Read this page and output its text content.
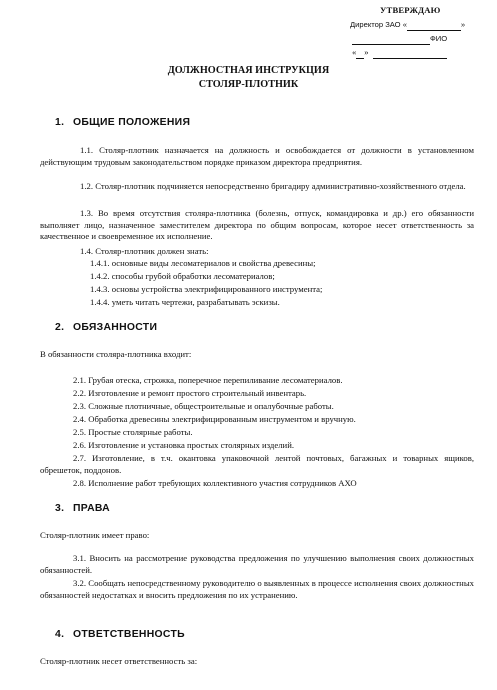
УТВЕРЖДАЮ
Директор ЗАО «	»
ФИО
« »
ДОЛЖНОСТНАЯ ИНСТРУКЦИЯ
СТОЛЯР-ПЛОТНИК
1. ОБЩИЕ ПОЛОЖЕНИЯ
1.1. Столяр-плотник назначается на должность и освобождается от должности в установленном действующим трудовым законодательством порядке приказом директора предприятия.
1.2. Столяр-плотник подчиняется непосредственно бригадиру административно-хозяйственного отдела.
1.3. Во время отсутствия столяра-плотника (болезнь, отпуск, командировка и др.) его обязанности выполняет лицо, назначенное заместителем директора по общим вопросам, которое несет ответственность за качественное и своевременное их исполнение.
1.4. Столяр-плотник должен знать:
1.4.1. основные виды лесоматериалов и свойства древесины;
1.4.2. способы грубой обработки лесоматериалов;
1.4.3. основы устройства электрифицированного инструмента;
1.4.4. уметь читать чертежи, разрабатывать эскизы.
2. ОБЯЗАННОСТИ
В обязанности столяра-плотника входит:
2.1. Грубая отеска, строжка, поперечное перепиливание лесоматериалов.
2.2. Изготовление и ремонт простого строительный инвентарь.
2.3. Сложные плотничные, общестроительные и опалубочные работы.
2.4. Обработка древесины электрифицированным инструментом и вручную.
2.5. Простые столярные работы.
2.6. Изготовление и установка простых столярных изделий.
2.7. Изготовление, в т.ч. окантовка упаковочной лентой почтовых, багажных и товарных ящиков, обрешеток, поддонов.
2.8. Исполнение работ требующих коллективного участия сотрудников АХО
3. ПРАВА
Столяр-плотник имеет право:
3.1. Вносить на рассмотрение руководства предложения по улучшению выполнения своих должностных обязанностей.
3.2. Сообщать непосредственному руководителю о выявленных в процессе исполнения своих должностных обязанностей недостатках и вносить предложения по их устранению.
4. ОТВЕТСТВЕННОСТЬ
Столяр-плотник несет ответственность за:
